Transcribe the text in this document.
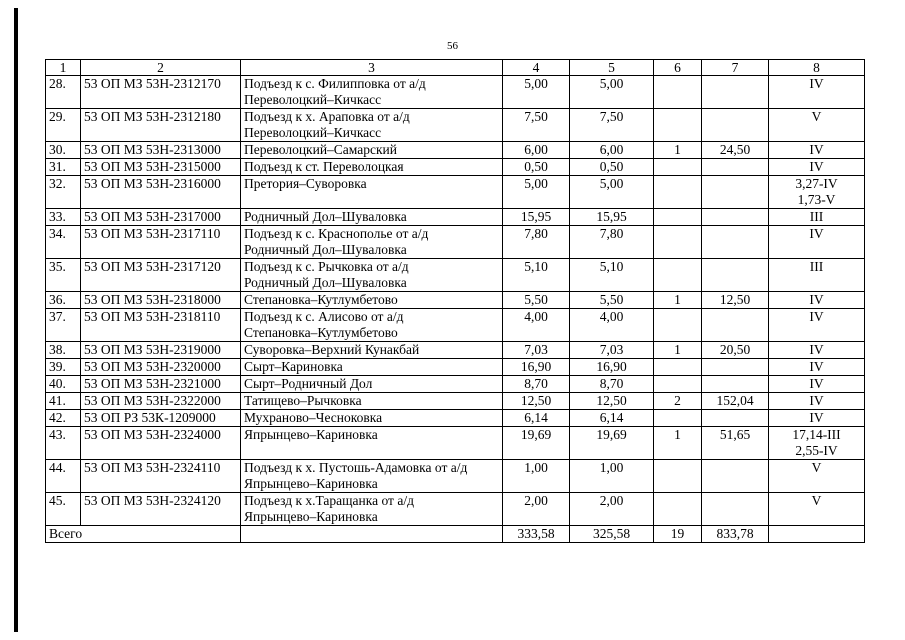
56
1	2	3	4	5	6	7	8
28.	53 ОП МЗ 53Н-2312170	Подъезд к с. Филипповка от а/д
Переволоцкий–Кичкасс	5,00	5,00			IV

29.	53 ОП МЗ 53Н-2312180	Подъезд к х. Араповка от а/д
Переволоцкий–Кичкасс	7,50	7,50			V

30.	53 ОП МЗ 53Н-2313000	Переволоцкий–Самарский	6,00	6,00	1	24,50	IV

31.	53 ОП МЗ 53Н-2315000	Подъезд к ст. Переволоцкая	0,50	0,50			IV

32.	53 ОП МЗ 53Н-2316000	Претория–Суворовка	5,00	5,00			3,27-IV
1,73-V

33.	53 ОП МЗ 53Н-2317000	Родничный Дол–Шуваловка	15,95	15,95			III

34.	53 ОП МЗ 53Н-2317110	Подъезд к с. Краснополье от а/д
Родничный Дол–Шуваловка	7,80	7,80			IV

35.	53 ОП МЗ 53Н-2317120	Подъезд к с. Рычковка от а/д
Родничный Дол–Шуваловка	5,10	5,10			III

36.	53 ОП МЗ 53Н-2318000	Степановка–Кутлумбетово	5,50	5,50	1	12,50	IV

37.	53 ОП МЗ 53Н-2318110	Подъезд к с. Алисово от а/д
Степановка–Кутлумбетово	4,00	4,00			IV

38.	53 ОП МЗ 53Н-2319000	Суворовка–Верхний Кунакбай	7,03	7,03	1	20,50	IV

39.	53 ОП МЗ 53Н-2320000	Сырт–Кариновка	16,90	16,90			IV

40.	53 ОП МЗ 53Н-2321000	Сырт–Родничный Дол	8,70	8,70			IV

41.	53 ОП МЗ 53Н-2322000	Татищево–Рычковка	12,50	12,50	2	152,04	IV

42.	53 ОП РЗ 53К-1209000	Мухраново–Чесноковка	6,14	6,14			IV

43.	53 ОП МЗ 53Н-2324000	Япрынцево–Кариновка	19,69	19,69	1	51,65	17,14-III
2,55-IV

44.	53 ОП МЗ 53Н-2324110	Подъезд к х. Пустошь-Адамовка от а/д
Япрынцево–Кариновка	1,00	1,00			V

45.	53 ОП МЗ 53Н-2324120	Подъезд к х.Таращанка от а/д
Япрынцево–Кариновка	2,00	2,00			V

Всего			333,58	325,58	19	833,78	
